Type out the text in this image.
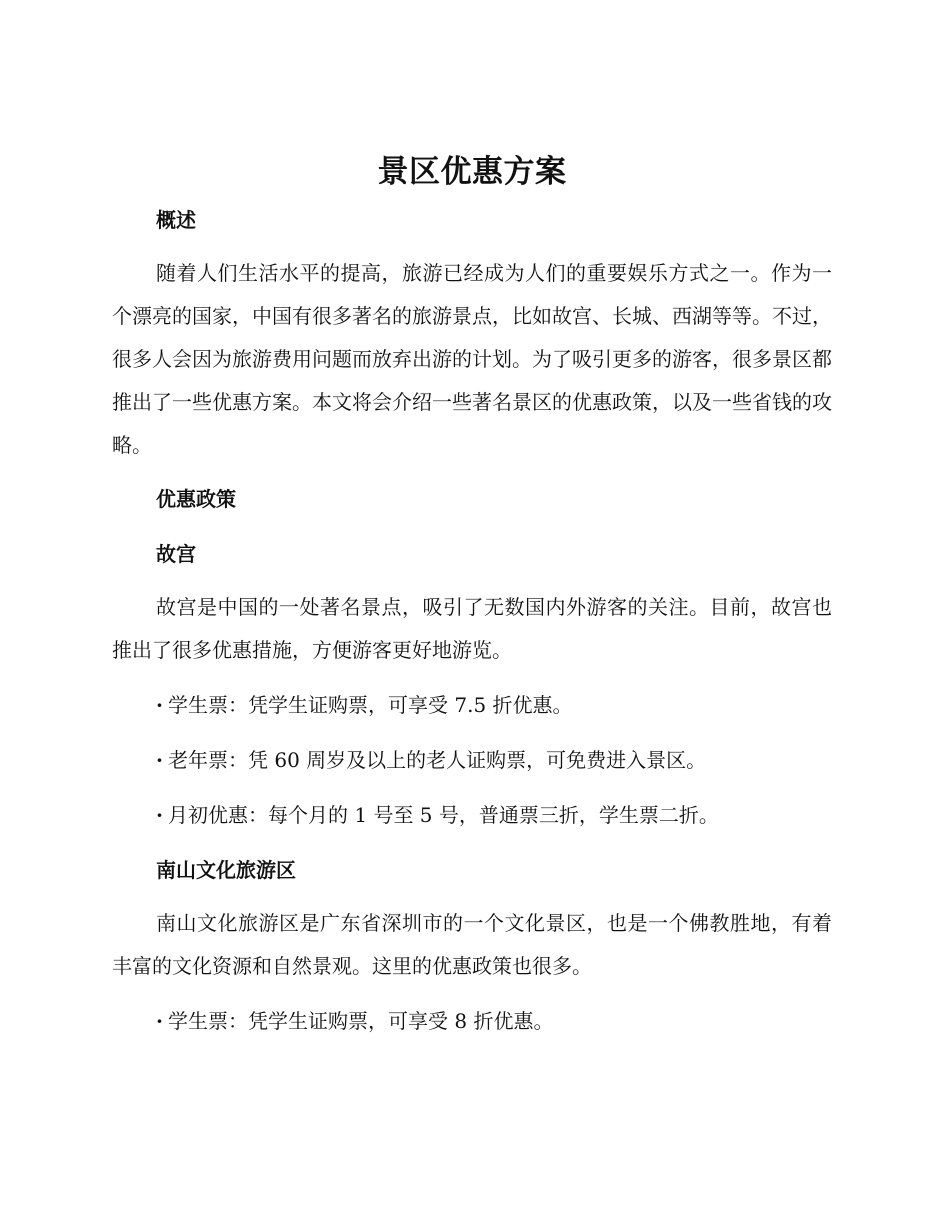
景区优惠方案
概述

随着人们生活水平的提高，旅游已经成为人们的重要娱乐方式之一。作为一个漂亮的国家，中国有很多著名的旅游景点，比如故宫、长城、西湖等等。不过，很多人会因为旅游费用问题而放弃出游的计划。为了吸引更多的游客，很多景区都推出了一些优惠方案。本文将会介绍一些著名景区的优惠政策，以及一些省钱的攻略。

优惠政策
故宫

故宫是中国的一处著名景点，吸引了无数国内外游客的关注。目前，故宫也推出了很多优惠措施，方便游客更好地游览。

· 学生票：凭学生证购票，可享受 7.5 折优惠。

· 老年票：凭 60 周岁及以上的老人证购票，可免费进入景区。

· 月初优惠：每个月的 1 号至 5 号，普通票三折，学生票二折。

南山文化旅游区

南山文化旅游区是广东省深圳市的一个文化景区，也是一个佛教胜地，有着丰富的文化资源和自然景观。这里的优惠政策也很多。

· 学生票：凭学生证购票，可享受 8 折优惠。
